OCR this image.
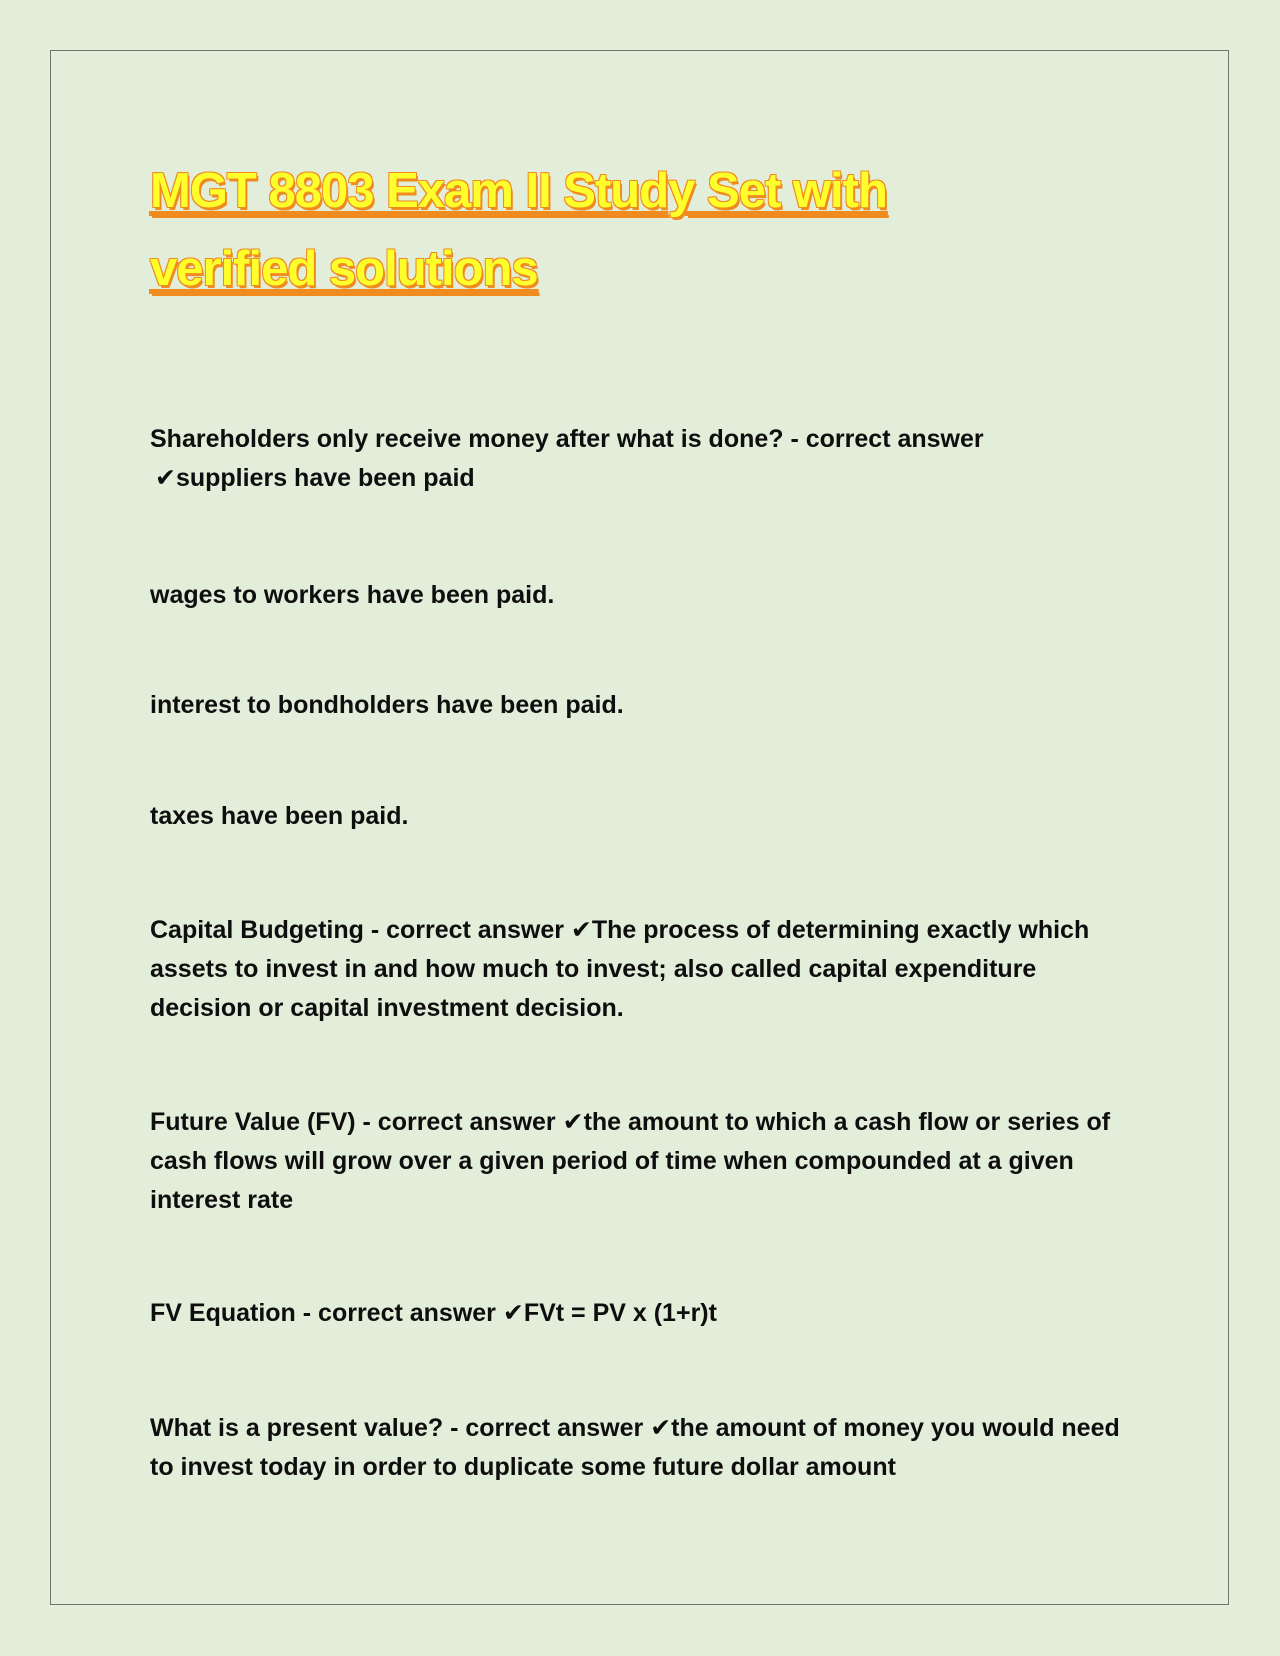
MGT 8803 Exam II Study Set with verified solutions
Shareholders only receive money after what is done? - correct answer
✔suppliers have been paid
wages to workers have been paid.
interest to bondholders have been paid.
taxes have been paid.
Capital Budgeting - correct answer ✔The process of determining exactly which assets to invest in and how much to invest; also called capital expenditure decision or capital investment decision.
Future Value (FV) - correct answer ✔the amount to which a cash flow or series of cash flows will grow over a given period of time when compounded at a given interest rate
FV Equation - correct answer ✔FVt = PV x (1+r)t
What is a present value? - correct answer ✔the amount of money you would need to invest today in order to duplicate some future dollar amount
